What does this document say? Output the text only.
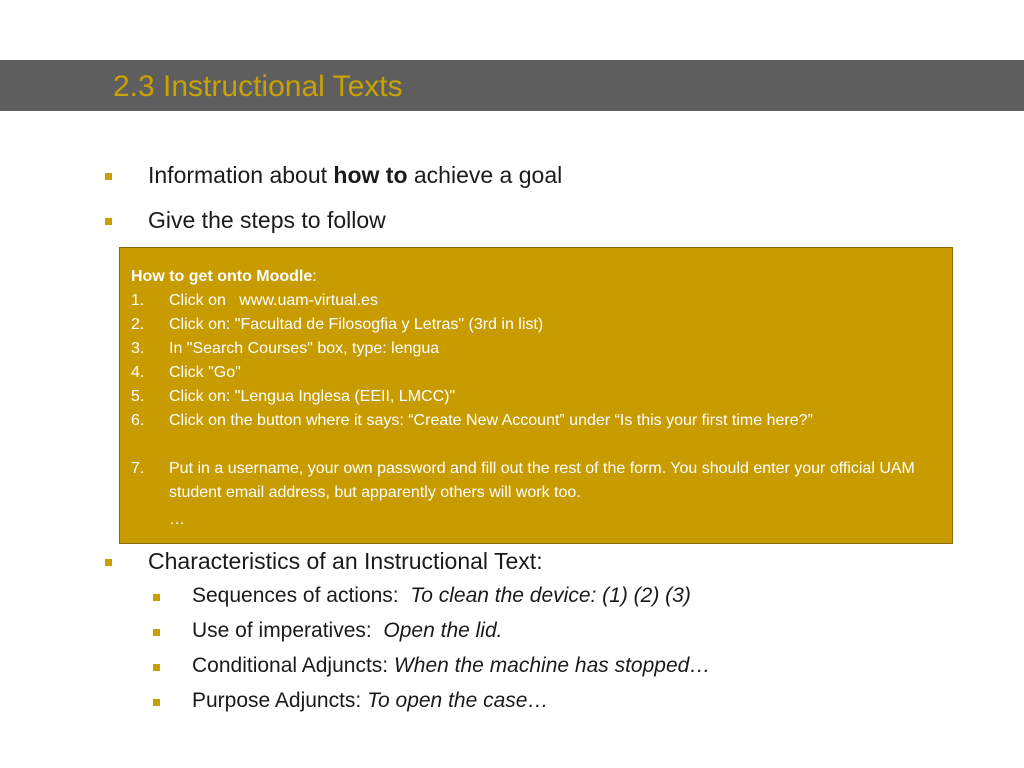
2.3 Instructional Texts
Information about how to achieve a goal
Give the steps to follow
How to get onto Moodle:
1.	Click on   www.uam-virtual.es
2.	Click on: "Facultad de Filosogfia y Letras" (3rd in list)
3.	In "Search Courses" box, type: lengua
4.	Click "Go"
5.	Click on: "Lengua Inglesa (EEII, LMCC)"
6.	Click on the button where it says: “Create New Account” under “Is this your first time here?”
7.	Put in a username, your own password and fill out the rest of the form. You should enter your official UAM student email address, but apparently others will work too.
…
Characteristics of an Instructional Text:
Sequences of actions:  To clean the device: (1) (2) (3)
Use of imperatives:  Open the lid.
Conditional Adjuncts: When the machine has stopped…
Purpose Adjuncts: To open the case…
